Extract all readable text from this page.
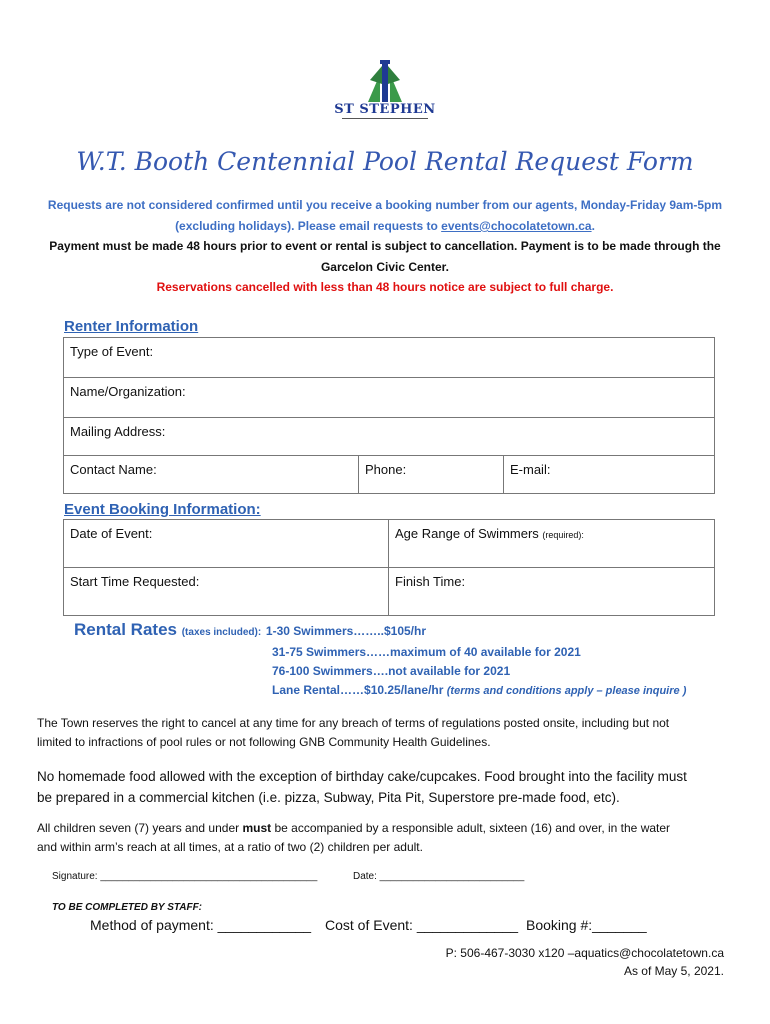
ST STEPHEN
W.T. Booth Centennial Pool Rental Request Form
Requests are not considered confirmed until you receive a booking number from our agents, Monday-Friday 9am-5pm
(excluding holidays). Please email requests to events@chocolatetown.ca.
Payment must be made 48 hours prior to event or rental is subject to cancellation. Payment is to be made through the
Garcelon Civic Center.
Reservations cancelled with less than 48 hours notice are subject to full charge.
Renter Information
Type of Event:
Name/Organization:
Mailing Address:
Contact Name:	Phone:	E-mail:
Event Booking Information:
Date of Event:	Age Range of Swimmers (required):
Start Time Requested:	Finish Time:
Rental Rates (taxes included): 1-30 Swimmers……..$105/hr
31-75 Swimmers……maximum of 40 available for 2021
76-100 Swimmers….not available for 2021
Lane Rental……$10.25/lane/hr (terms and conditions apply – please inquire )
The Town reserves the right to cancel at any time for any breach of terms of regulations posted onsite, including but not
limited to infractions of pool rules or not following GNB Community Health Guidelines.
No homemade food allowed with the exception of birthday cake/cupcakes. Food brought into the facility must
be prepared in a commercial kitchen (i.e. pizza, Subway, Pita Pit, Superstore pre-made food, etc).
All children seven (7) years and under must be accompanied by a responsible adult, sixteen (16) and over, in the water
and within arm’s reach at all times, at a ratio of two (2) children per adult.
Signature: _______________________________________	Date: __________________________
TO BE COMPLETED BY STAFF:
Method of payment: ____________ Cost of Event: _____________ Booking #:_______
P: 506-467-3030 x120 –aquatics@chocolatetown.ca
As of May 5, 2021.
